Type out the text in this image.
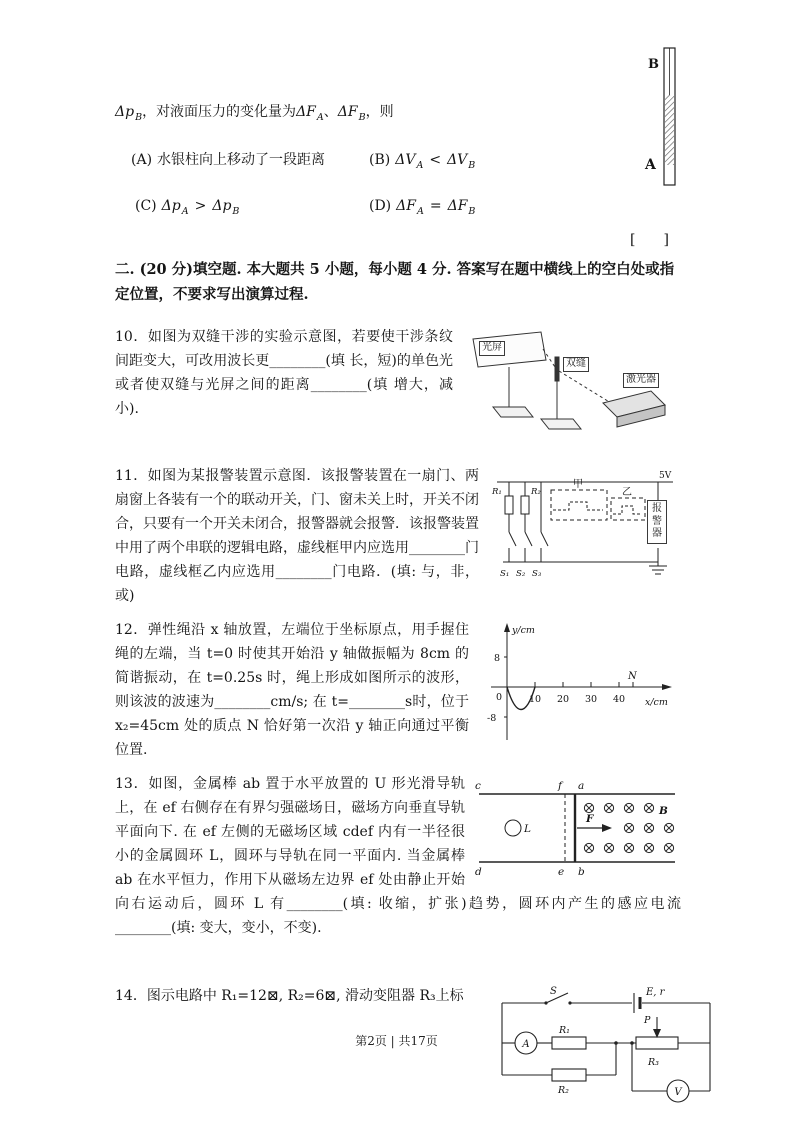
$\Delta p_B$，对液面压力的变化量为$\Delta F_A$、$\Delta F_B$，则
(A) 水银柱向上移动了一段距离	(B) $\Delta V_A < \Delta V_B$
(C) $\Delta p_A > \Delta p_B$	(D) $\Delta F_A = \Delta F_B$
[　　]
B
A
二. (20 分)填空题. 本大题共 5 小题，每小题 4 分. 答案写在题中横线上的空白处或指定位置，不要求写出演算过程.
光屏
双缝
激光器
10．如图为双缝干涉的实验示意图，若要使干涉条纹间距变大，可改用波长更________(填 长，短)的单色光 或者使双缝与光屏之间的距离________(填 增大，减小).
R₁	R₂
甲
乙
5V
S₁ S₂ S₃
报警器
11．如图为某报警装置示意图．该报警装置在一扇门、两扇窗上各装有一个的联动开关，门、窗未关上时，开关不闭合，只要有一个开关未闭合，报警器就会报警．该报警装置中用了两个串联的逻辑电路，虚线框甲内应选用________门电路，虚线框乙内应选用________门电路．(填: 与，非，或)
y/cm
x/cm
8
-8
0	10 20 30 40
N
12．弹性绳沿 x 轴放置，左端位于坐标原点，用手握住绳的左端，当 t=0 时使其开始沿 y 轴做振幅为 8cm 的简谐振动，在 t=0.25s 时，绳上形成如图所示的波形，则该波的波速为________cm/s; 在 t=________s时，位于 x₂=45cm 处的质点 N 恰好第一次沿 y 轴正向通过平衡位置.
c	f a
d	e b
L
F
B
13．如图，金属棒 ab 置于水平放置的 U 形光滑导轨上，在 ef 右侧存在有界匀强磁场日，磁场方向垂直导轨平面向下. 在 ef 左侧的无磁场区域 cdef 内有一半径很小的金属圆环 L，圆环与导轨在同一平面内. 当金属棒 ab 在水平恒力，作用下从磁场左边界 ef 处由静止开始向右运动后，圆环 L 有________(填: 收缩，扩张)趋势，圆环内产生的感应电流________(填: 变大，变小，不变).
14．图示电路中 R₁=12⊠, R₂=6⊠, 滑动变阻器 R₃上标	S	E, r
A
R₁
P
R₂
R₃
V
第2页 | 共17页
